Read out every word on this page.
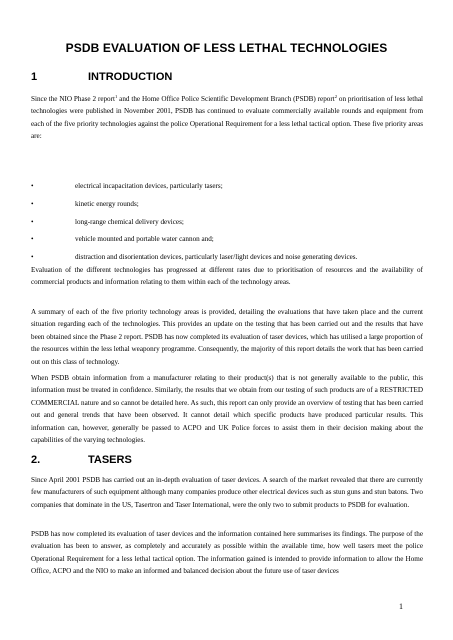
PSDB EVALUATION OF LESS LETHAL TECHNOLOGIES
1	INTRODUCTION

Since the NIO Phase 2 report$^1$ and the Home Office Police Scientific Development Branch (PSDB) report$^2$ on prioritisation of less lethal technologies were published in November 2001, PSDB has continued to evaluate commercially available rounds and equipment from each of the five priority technologies against the police Operational Requirement for a less lethal tactical option. These five priority areas are:

•	electrical incapacitation devices, particularly tasers;
•	kinetic energy rounds;
•	long-range chemical delivery devices;
•	vehicle mounted and portable water cannon and;
•	distraction and disorientation devices, particularly laser/light devices and noise generating devices.

Evaluation of the different technologies has progressed at different rates due to prioritisation of resources and the availability of commercial products and information relating to them within each of the technology areas.

A summary of each of the five priority technology areas is provided, detailing the evaluations that have taken place and the current situation regarding each of the technologies. This provides an update on the testing that has been carried out and the results that have been obtained since the Phase 2 report. PSDB has now completed its evaluation of taser devices, which has utilised a large proportion of the resources within the less lethal weaponry programme. Consequently, the majority of this report details the work that has been carried out on this class of technology.

When PSDB obtain information from a manufacturer relating to their product(s) that is not generally available to the public, this information must be treated in confidence. Similarly, the results that we obtain from our testing of such products are of a RESTRICTED COMMERCIAL nature and so cannot be detailed here. As such, this report can only provide an overview of testing that has been carried out and general trends that have been observed. It cannot detail which specific products have produced particular results. This information can, however, generally be passed to ACPO and UK Police forces to assist them in their decision making about the capabilities of the varying technologies.

2.	TASERS

Since April 2001 PSDB has carried out an in-depth evaluation of taser devices. A search of the market revealed that there are currently few manufacturers of such equipment although many companies produce other electrical devices such as stun guns and stun batons. Two companies that dominate in the US, Tasertron and Taser International, were the only two to submit products to PSDB for evaluation.

PSDB has now completed its evaluation of taser devices and the information contained here summarises its findings. The purpose of the evaluation has been to answer, as completely and accurately as possible within the available time, how well tasers meet the police Operational Requirement for a less lethal tactical option. The information gained is intended to provide information to allow the Home Office, ACPO and the NIO to make an informed and balanced decision about the future use of taser devices

1
